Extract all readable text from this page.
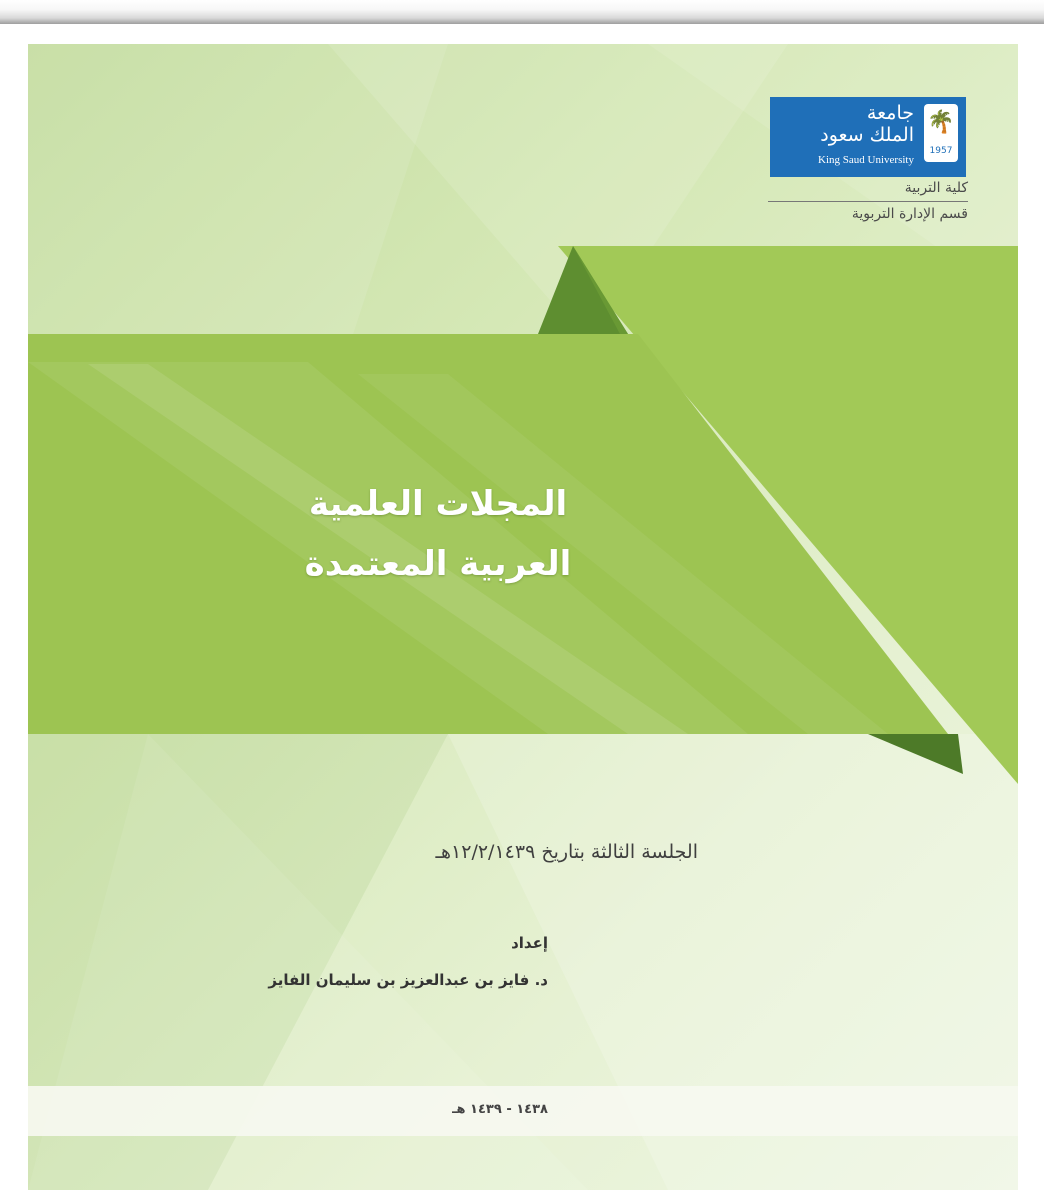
🌴
1957
جامعة
الملك سعود
King Saud University
كلية التربية
قسم الإدارة التربوية
المجلات العلمية
العربية المعتمدة
الجلسة الثالثة بتاريخ ١٢/٢/١٤٣٩هـ
إعداد
د. فايز بن عبدالعزيز بن سليمان الفايز
١٤٣٨ - ١٤٣٩ هـ
